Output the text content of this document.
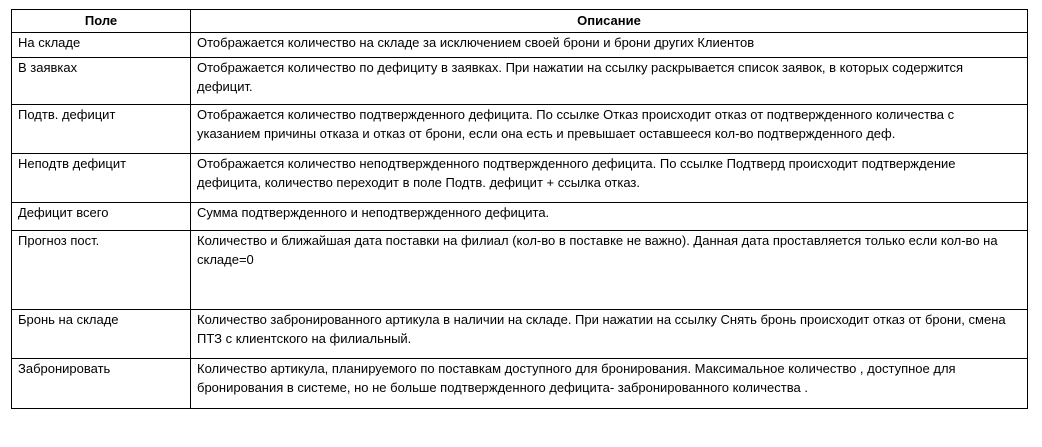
Поле	Описание
На складе	Отображается количество на складе за исключением своей брони и брони других Клиентов
В заявках	Отображается количество по дефициту в заявках. При нажатии на ссылку раскрывается список заявок, в которых содержится дефицит.
Подтв. дефицит	Отображается количество подтвержденного дефицита. По ссылке Отказ происходит отказ от подтвержденного количества с указанием причины отказа и отказ от брони, если она есть и превышает оставшееся кол-во подтвержденного деф.
Неподтв дефицит	Отображается количество неподтвержденного подтвержденного дефицита. По ссылке Подтверд происходит подтверждение дефицита, количество переходит в поле Подтв. дефицит + ссылка отказ.
Дефицит всего	Сумма подтвержденного и неподтвержденного дефицита.
Прогноз пост.	Количество и ближайшая дата поставки на филиал (кол-во в поставке не важно). Данная дата проставляется только если кол-во на складе=0
Бронь на складе	Количество забронированного артикула в наличии на складе. При нажатии на ссылку Снять бронь происходит отказ от брони, смена ПТЗ с клиентского на филиальный.
Забронировать	Количество артикула, планируемого по поставкам доступного для бронирования. Максимальное количество , доступное для бронирования в системе, но не больше подтвержденного дефицита- забронированного количества .
